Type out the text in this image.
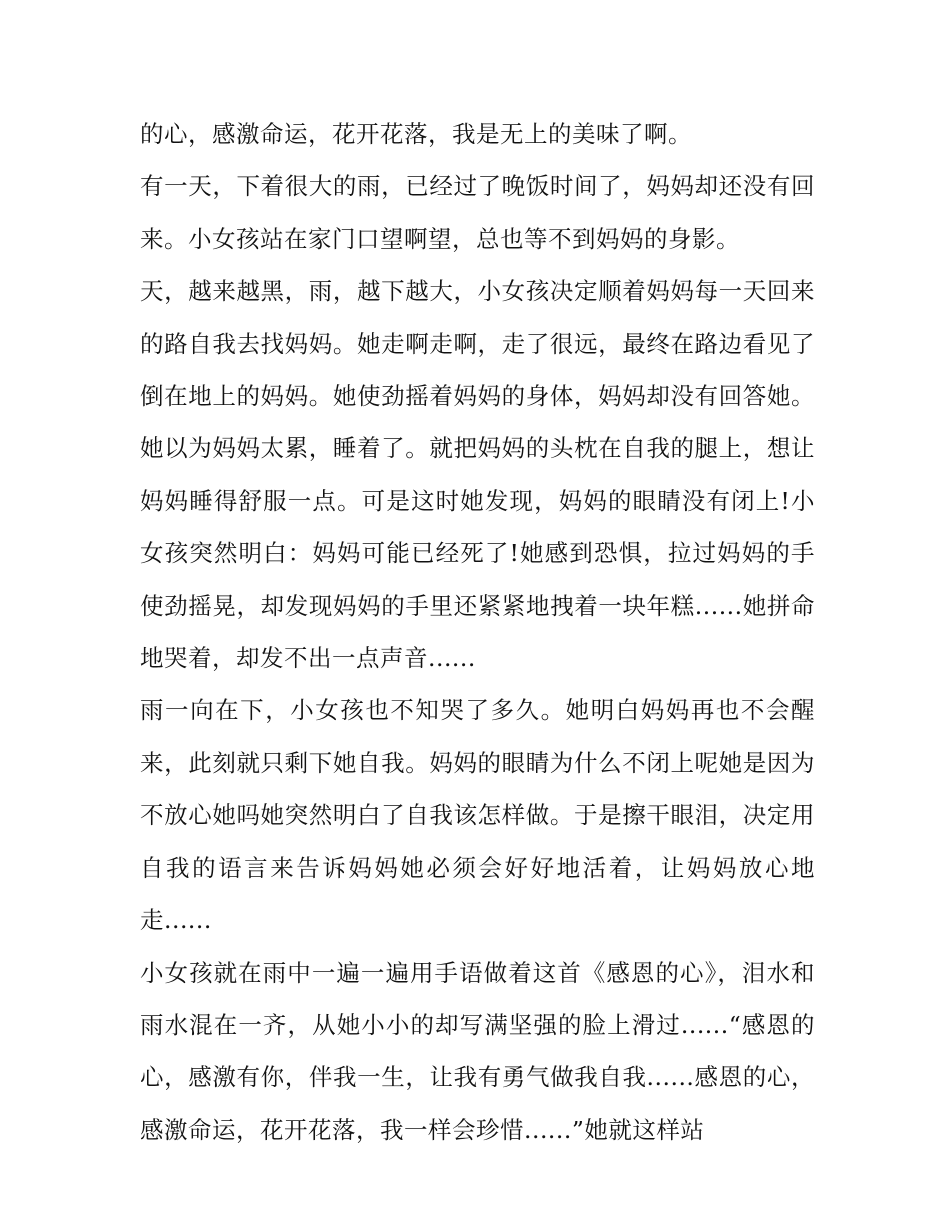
的心，感激命运，花开花落，我是无上的美味了啊。

有一天，下着很大的雨，已经过了晚饭时间了，妈妈却还没有回来。小女孩站在家门口望啊望，总也等不到妈妈的身影。

天，越来越黑，雨，越下越大，小女孩决定顺着妈妈每一天回来的路自我去找妈妈。她走啊走啊，走了很远，最终在路边看见了倒在地上的妈妈。她使劲摇着妈妈的身体，妈妈却没有回答她。她以为妈妈太累，睡着了。就把妈妈的头枕在自我的腿上，想让妈妈睡得舒服一点。可是这时她发现，妈妈的眼睛没有闭上!小女孩突然明白：妈妈可能已经死了!她感到恐惧，拉过妈妈的手使劲摇晃，却发现妈妈的手里还紧紧地拽着一块年糕......她拼命地哭着，却发不出一点声音......

雨一向在下，小女孩也不知哭了多久。她明白妈妈再也不会醒来，此刻就只剩下她自我。妈妈的眼睛为什么不闭上呢她是因为不放心她吗她突然明白了自我该怎样做。于是擦干眼泪，决定用自我的语言来告诉妈妈她必须会好好地活着，让妈妈放心地走......

小女孩就在雨中一遍一遍用手语做着这首《感恩的心》，泪水和雨水混在一齐，从她小小的却写满坚强的脸上滑过......“感恩的心，感激有你，伴我一生，让我有勇气做我自我......感恩的心，感激命运，花开花落，我一样会珍惜......”她就这样站
